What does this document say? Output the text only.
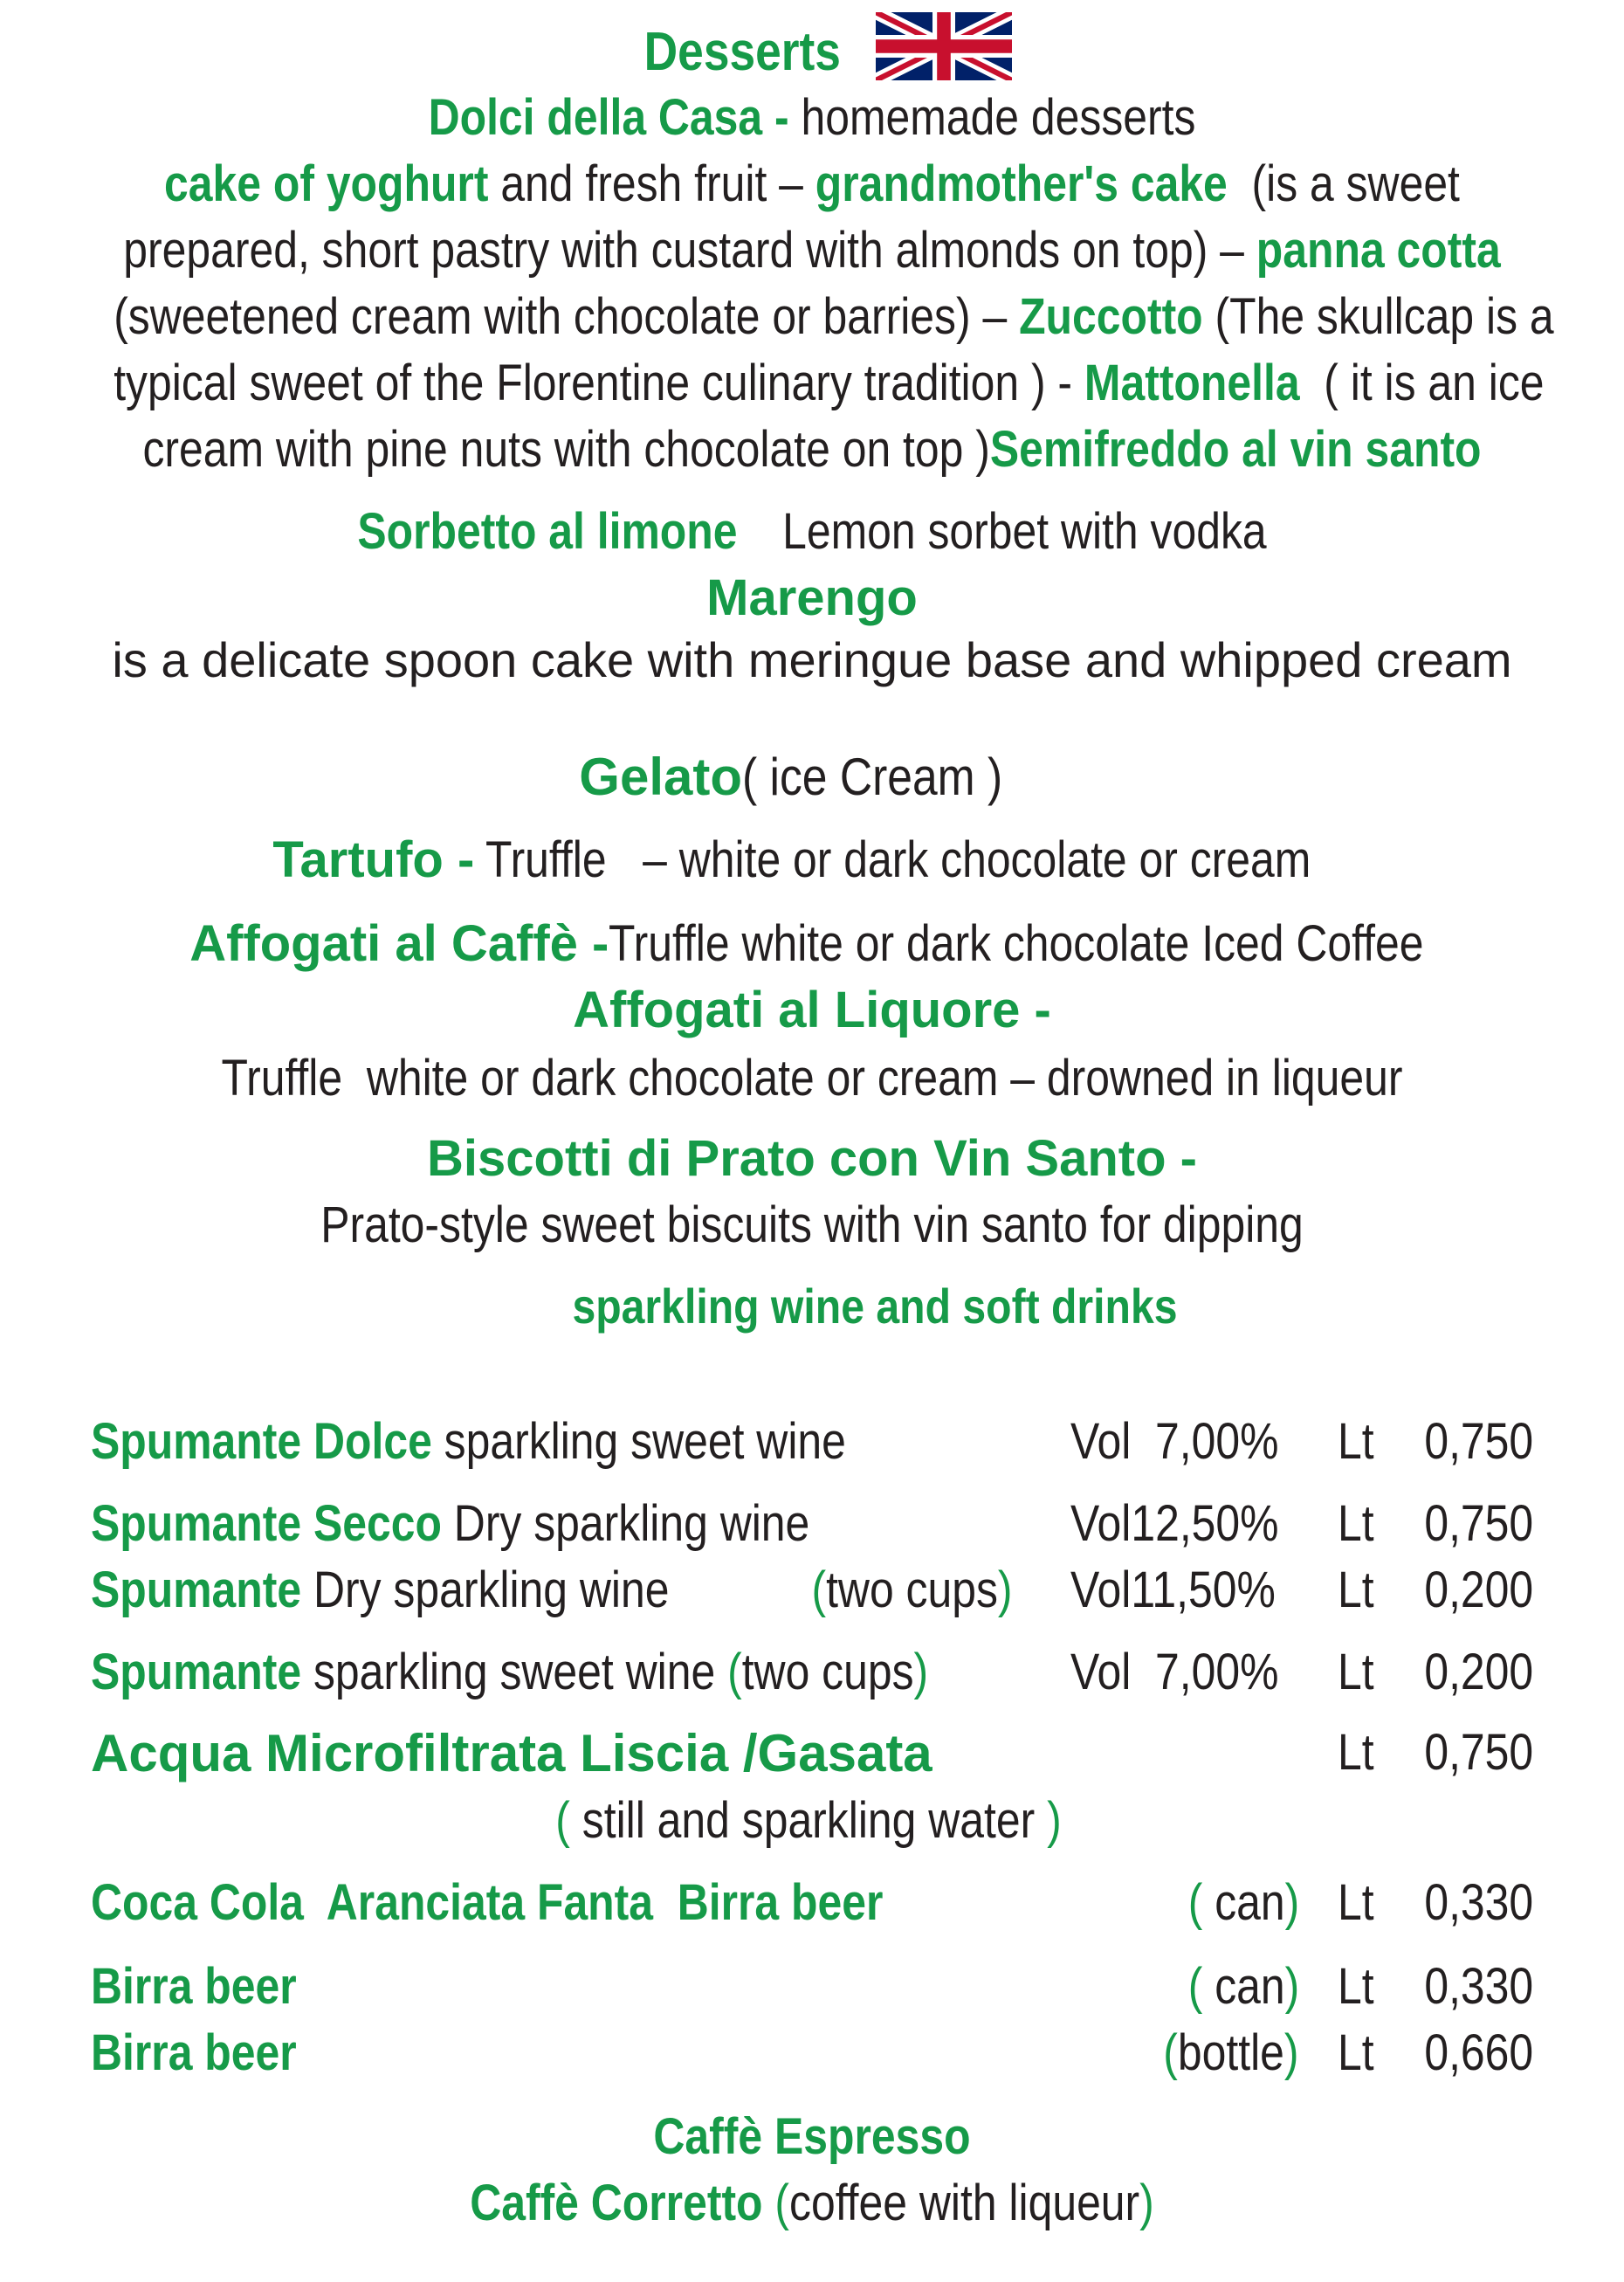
Desserts
Dolci della Casa - homemade desserts
cake of yoghurt and fresh fruit – grandmother's cake  (is a sweet
prepared, short pastry with custard with almonds on top) – panna cotta
(sweetened cream with chocolate or barries) – Zuccotto (The skullcap is a
typical sweet of the Florentine culinary tradition ) - Mattonella  ( it is an ice
cream with pine nuts with chocolate on top )Semifreddo al vin santo
Sorbetto al limone Lemon sorbet with vodka
Marengo
is a delicate spoon cake with meringue base and whipped cream
Gelato( ice Cream )
Tartufo - Truffle   – white or dark chocolate or cream
Affogati al Caffè -Truffle white or dark chocolate Iced Coffee
Affogati al Liquore -
Truffle  white or dark chocolate or cream – drowned in liqueur
Biscotti di Prato con Vin Santo -
Prato-style sweet biscuits with vin santo for dipping
sparkling wine and soft drinks
Spumante Dolce sparkling sweet wine	Vol  7,00% Lt 0,750
Spumante Secco Dry sparkling wine	Vol12,50% Lt 0,750
Spumante Dry sparkling wine	(two cups) Vol11,50% Lt 0,200
Spumante sparkling sweet wine (two cups)	Vol  7,00% Lt 0,200
Acqua Microfiltrata Liscia /Gasata	Lt 0,750
( still and sparkling water )
Coca Cola  Aranciata Fanta  Birra beer	( can) Lt 0,330
Birra beer	( can) Lt 0,330
Birra beer	(bottle) Lt 0,660
Caffè Espresso
Caffè Corretto (coffee with liqueur)
